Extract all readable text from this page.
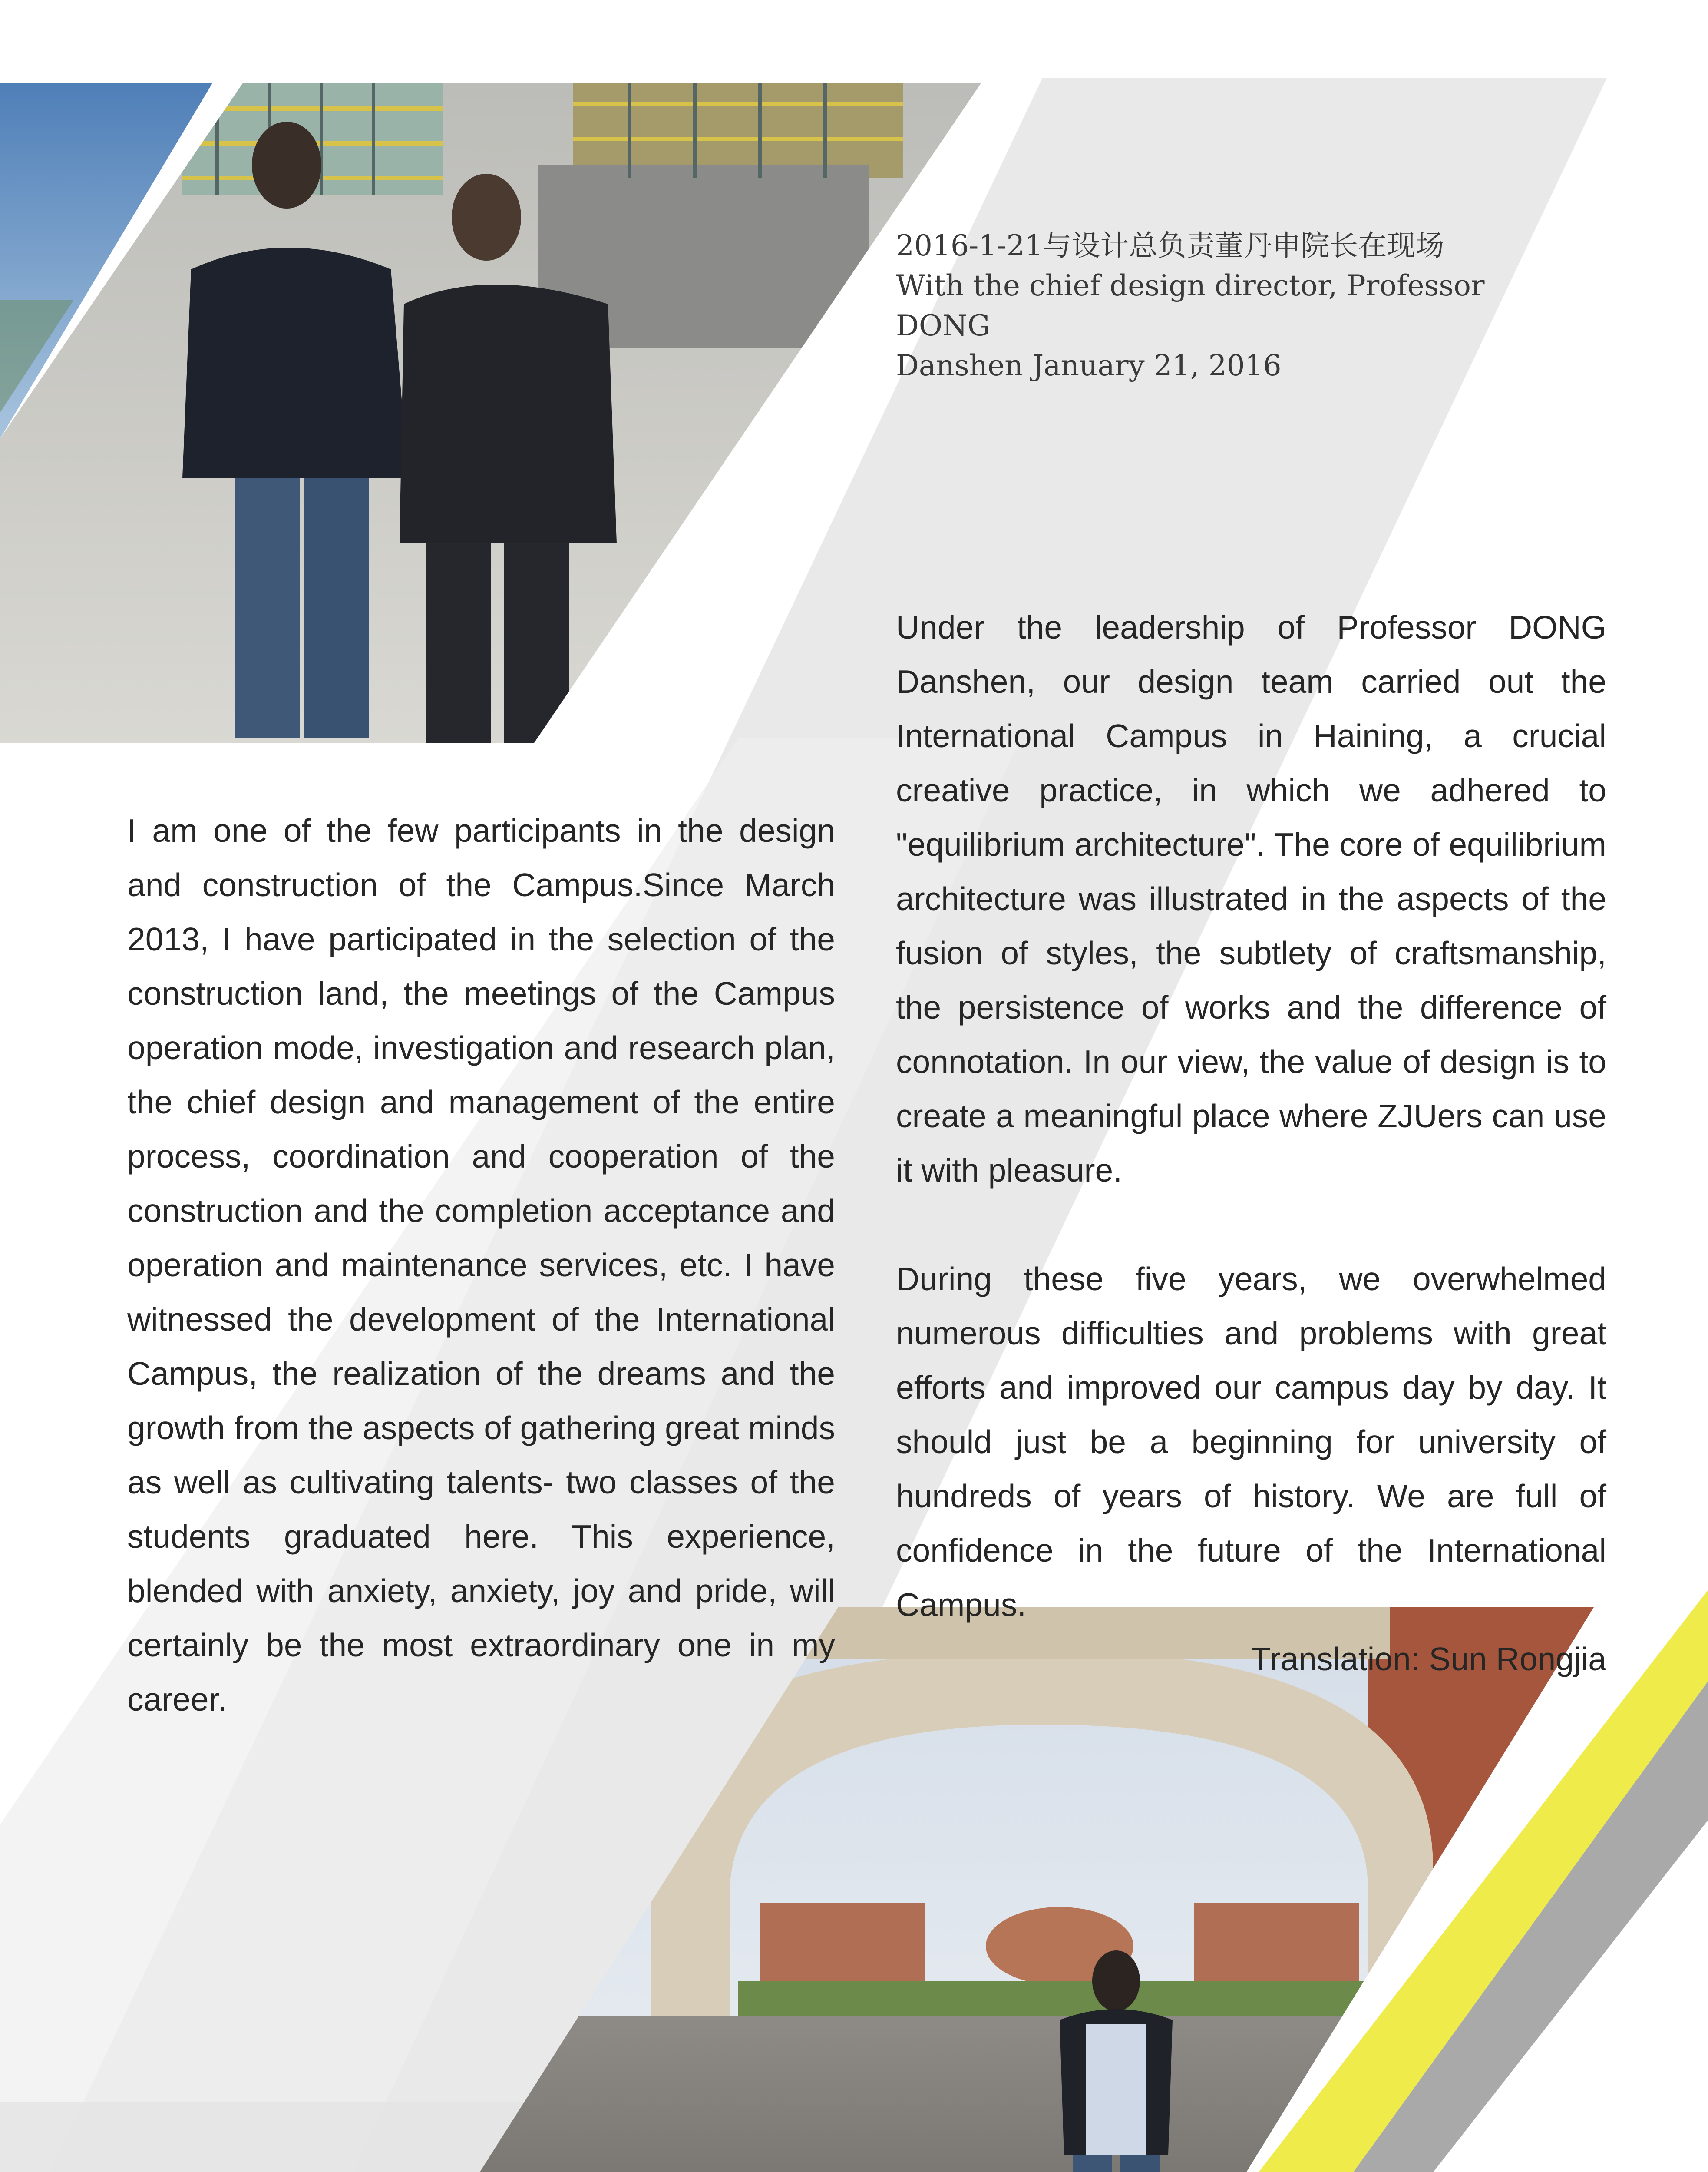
2016-1-21与设计总负责董丹申院长在现场
With the chief design director, Professor DONG
Danshen January 21, 2016

Under the leadership of Professor DONG Danshen, our design team carried out the International Campus in Haining, a crucial creative practice, in which we adhered to "equilibrium architecture". The core of equilibrium architecture was illustrated in the aspects of the fusion of styles, the subtlety of craftsmanship, the persistence of works and the difference of connotation. In our view, the value of design is to create a meaningful place where ZJUers can use it with pleasure.

During these five years, we overwhelmed numerous difficulties and problems with great efforts and improved our campus day by day. It should just be a beginning for university of hundreds of years of history. We are full of confidence in the future of the International Campus.

Translation: Sun Rongjia
I am one of the few participants in the design and construction of the Campus.Since March 2013, I have participated in the selection of the construction land, the meetings of the Campus operation mode, investigation and research plan, the chief design and management of the entire process, coordination and cooperation of the construction and the completion acceptance and operation and maintenance services, etc. I have witnessed the development of the International Campus, the realization of the dreams and the growth from the aspects of gathering great minds as well as cultivating talents- two classes of the students graduated here. This experience, blended with anxiety, anxiety, joy and pride, will certainly be the most extraordinary one in my career.
